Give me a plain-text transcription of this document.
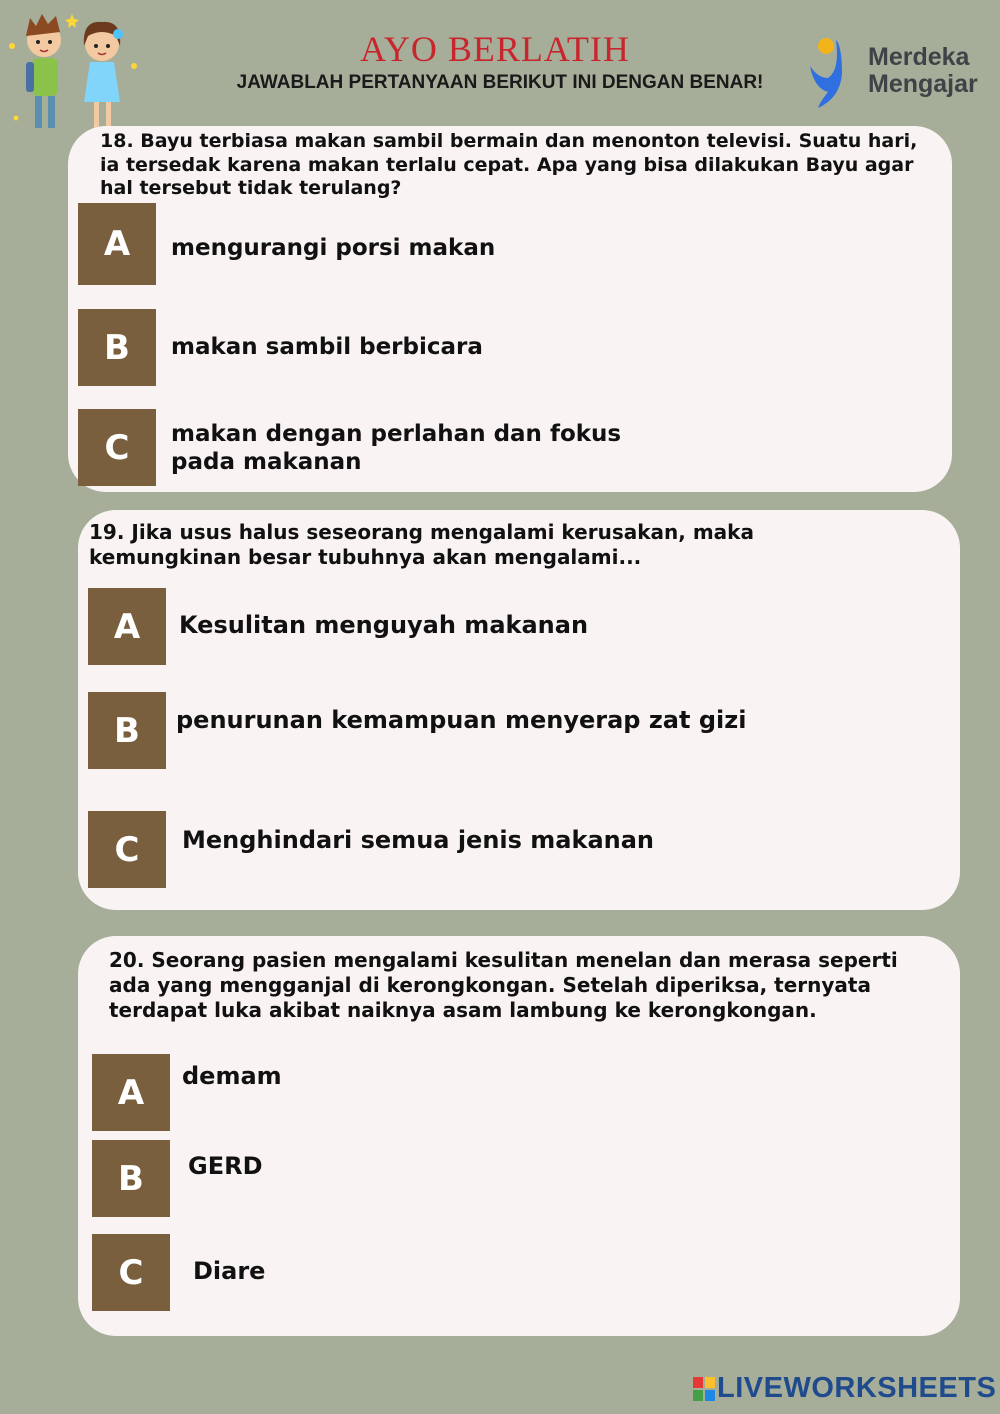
AYO BERLATIH
JAWABLAH PERTANYAAN BERIKUT INI DENGAN BENAR!
Merdeka
Mengajar

18. Bayu terbiasa makan sambil bermain dan menonton televisi. Suatu hari, ia tersedak karena makan terlalu cepat. Apa yang bisa dilakukan Bayu agar hal tersebut tidak terulang?

A	mengurangi porsi makan
B	makan sambil berbicara
C	makan dengan perlahan dan fokus pada makanan

19. Jika usus halus seseorang mengalami kerusakan, maka kemungkinan besar tubuhnya akan mengalami...

A	Kesulitan menguyah makanan
B	penurunan kemampuan menyerap zat gizi
C	Menghindari semua jenis makanan

20. Seorang pasien mengalami kesulitan menelan dan merasa seperti ada yang mengganjal di kerongkongan. Setelah diperiksa, ternyata terdapat luka akibat naiknya asam lambung ke kerongkongan.

A	demam
B	GERD
C	Diare
LIVEWORKSHEETS
